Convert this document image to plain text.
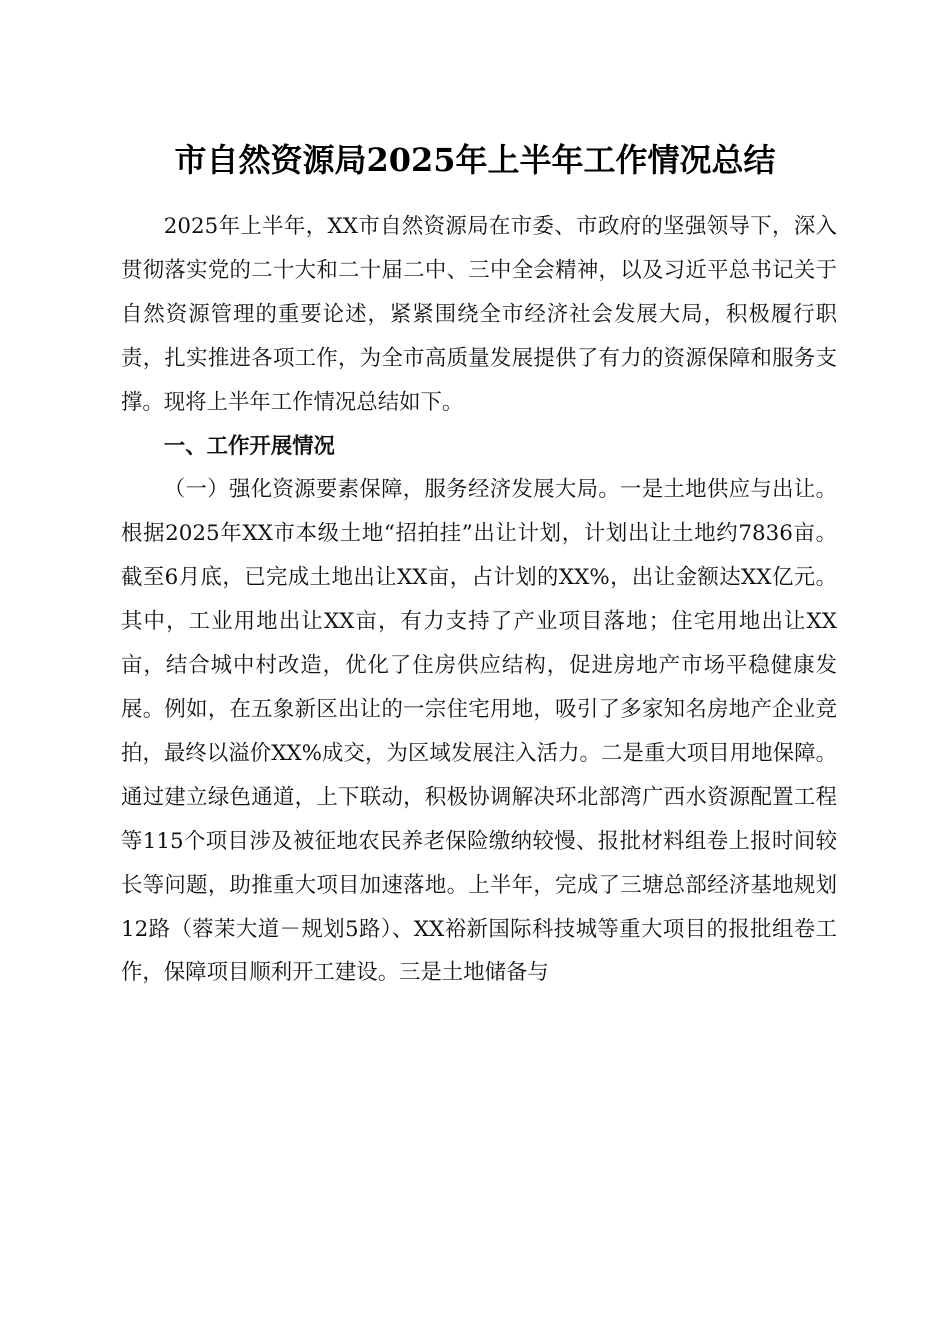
市自然资源局2025年上半年工作情况总结

2025年上半年，XX市自然资源局在市委、市政府的坚强领导下，深入贯彻落实党的二十大和二十届二中、三中全会精神，以及习近平总书记关于自然资源管理的重要论述，紧紧围绕全市经济社会发展大局，积极履行职责，扎实推进各项工作，为全市高质量发展提供了有力的资源保障和服务支撑。现将上半年工作情况总结如下。

一、工作开展情况

（一）强化资源要素保障，服务经济发展大局。一是土地供应与出让。根据2025年XX市本级土地“招拍挂”出让计划，计划出让土地约7836亩。截至6月底，已完成土地出让XX亩，占计划的XX%，出让金额达XX亿元。其中，工业用地出让XX亩，有力支持了产业项目落地；住宅用地出让XX亩，结合城中村改造，优化了住房供应结构，促进房地产市场平稳健康发展。例如，在五象新区出让的一宗住宅用地，吸引了多家知名房地产企业竞拍，最终以溢价XX%成交，为区域发展注入活力。二是重大项目用地保障。通过建立绿色通道，上下联动，积极协调解决环北部湾广西水资源配置工程等115个项目涉及被征地农民养老保险缴纳较慢、报批材料组卷上报时间较长等问题，助推重大项目加速落地。上半年，完成了三塘总部经济基地规划12路（蓉茉大道－规划5路）、XX裕新国际科技城等重大项目的报批组卷工作，保障项目顺利开工建设。三是土地储备与
